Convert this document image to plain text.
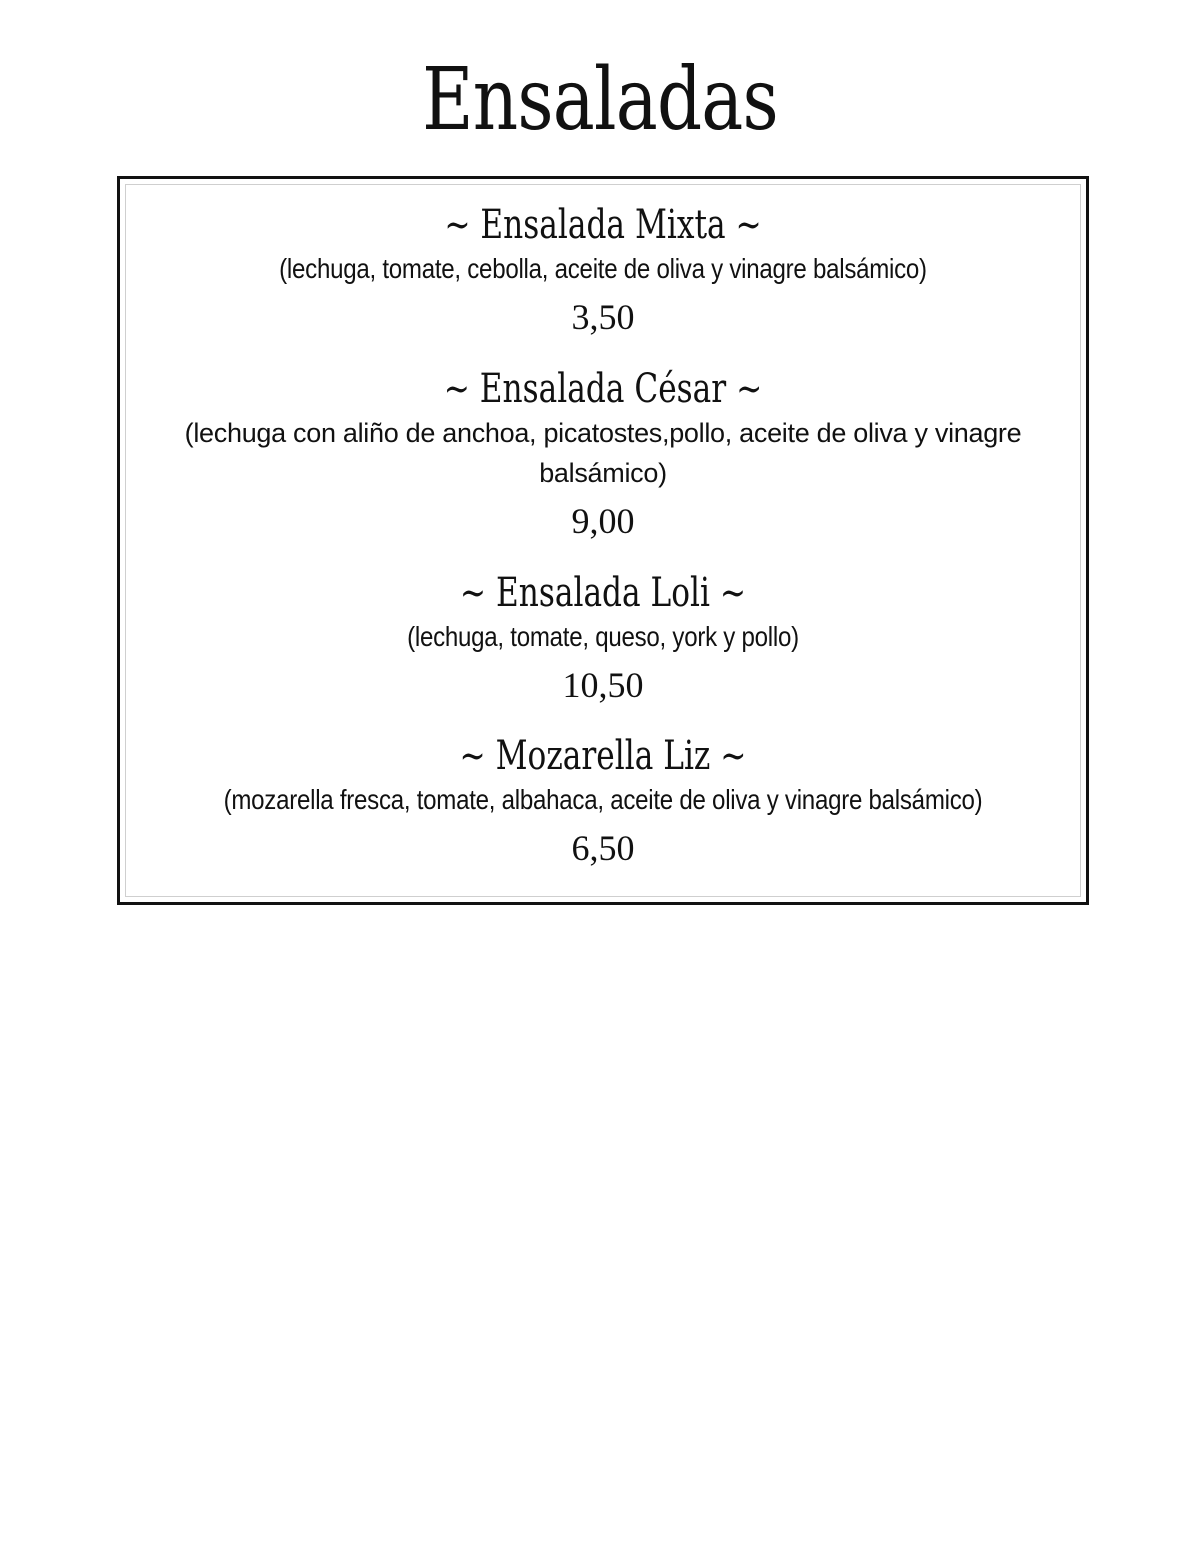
Ensaladas
~ Ensalada Mixta ~
(lechuga, tomate, cebolla, aceite de oliva y vinagre balsámico)
3,50
~ Ensalada César ~
(lechuga con aliño de anchoa, picatostes,pollo, aceite de oliva y vinagre balsámico)
9,00
~ Ensalada Loli ~
(lechuga, tomate, queso, york y pollo)
10,50
~ Mozarella Liz ~
(mozarella fresca, tomate, albahaca, aceite de oliva y vinagre balsámico)
6,50
